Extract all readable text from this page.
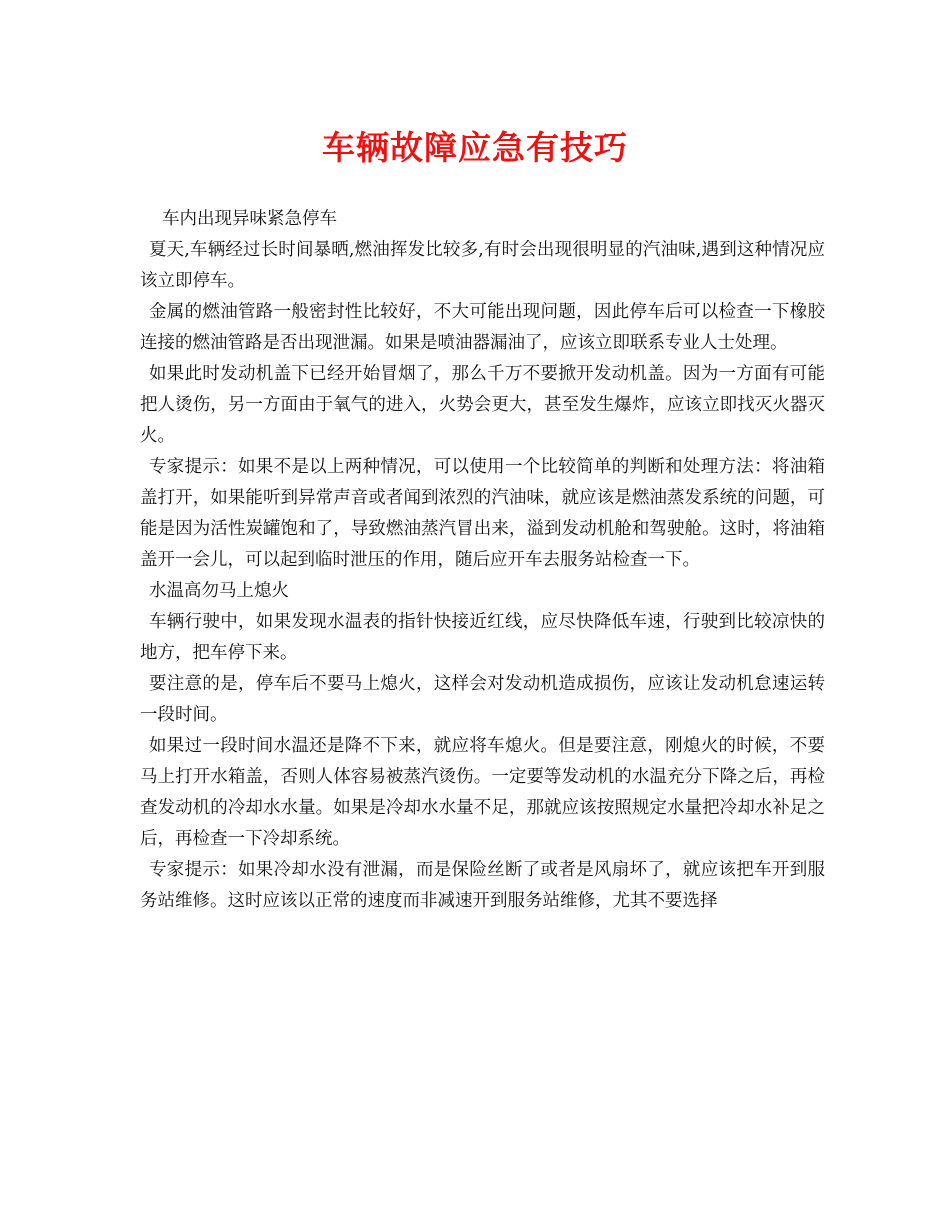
车辆故障应急有技巧

车内出现异味紧急停车

夏天,车辆经过长时间暴晒,燃油挥发比较多,有时会出现很明显的汽油味,遇到这种情况应该立即停车。

金属的燃油管路一般密封性比较好，不大可能出现问题，因此停车后可以检查一下橡胶连接的燃油管路是否出现泄漏。如果是喷油器漏油了，应该立即联系专业人士处理。

如果此时发动机盖下已经开始冒烟了，那么千万不要掀开发动机盖。因为一方面有可能把人烫伤，另一方面由于氧气的进入，火势会更大，甚至发生爆炸，应该立即找灭火器灭火。

专家提示：如果不是以上两种情况，可以使用一个比较简单的判断和处理方法：将油箱盖打开，如果能听到异常声音或者闻到浓烈的汽油味，就应该是燃油蒸发系统的问题，可能是因为活性炭罐饱和了，导致燃油蒸汽冒出来，溢到发动机舱和驾驶舱。这时，将油箱盖开一会儿，可以起到临时泄压的作用，随后应开车去服务站检查一下。

水温高勿马上熄火

车辆行驶中，如果发现水温表的指针快接近红线，应尽快降低车速，行驶到比较凉快的地方，把车停下来。

要注意的是，停车后不要马上熄火，这样会对发动机造成损伤，应该让发动机怠速运转一段时间。

如果过一段时间水温还是降不下来，就应将车熄火。但是要注意，刚熄火的时候，不要马上打开水箱盖，否则人体容易被蒸汽烫伤。一定要等发动机的水温充分下降之后，再检查发动机的冷却水水量。如果是冷却水水量不足，那就应该按照规定水量把冷却水补足之后，再检查一下冷却系统。

专家提示：如果冷却水没有泄漏，而是保险丝断了或者是风扇坏了，就应该把车开到服务站维修。这时应该以正常的速度而非减速开到服务站维修，尤其不要选择
